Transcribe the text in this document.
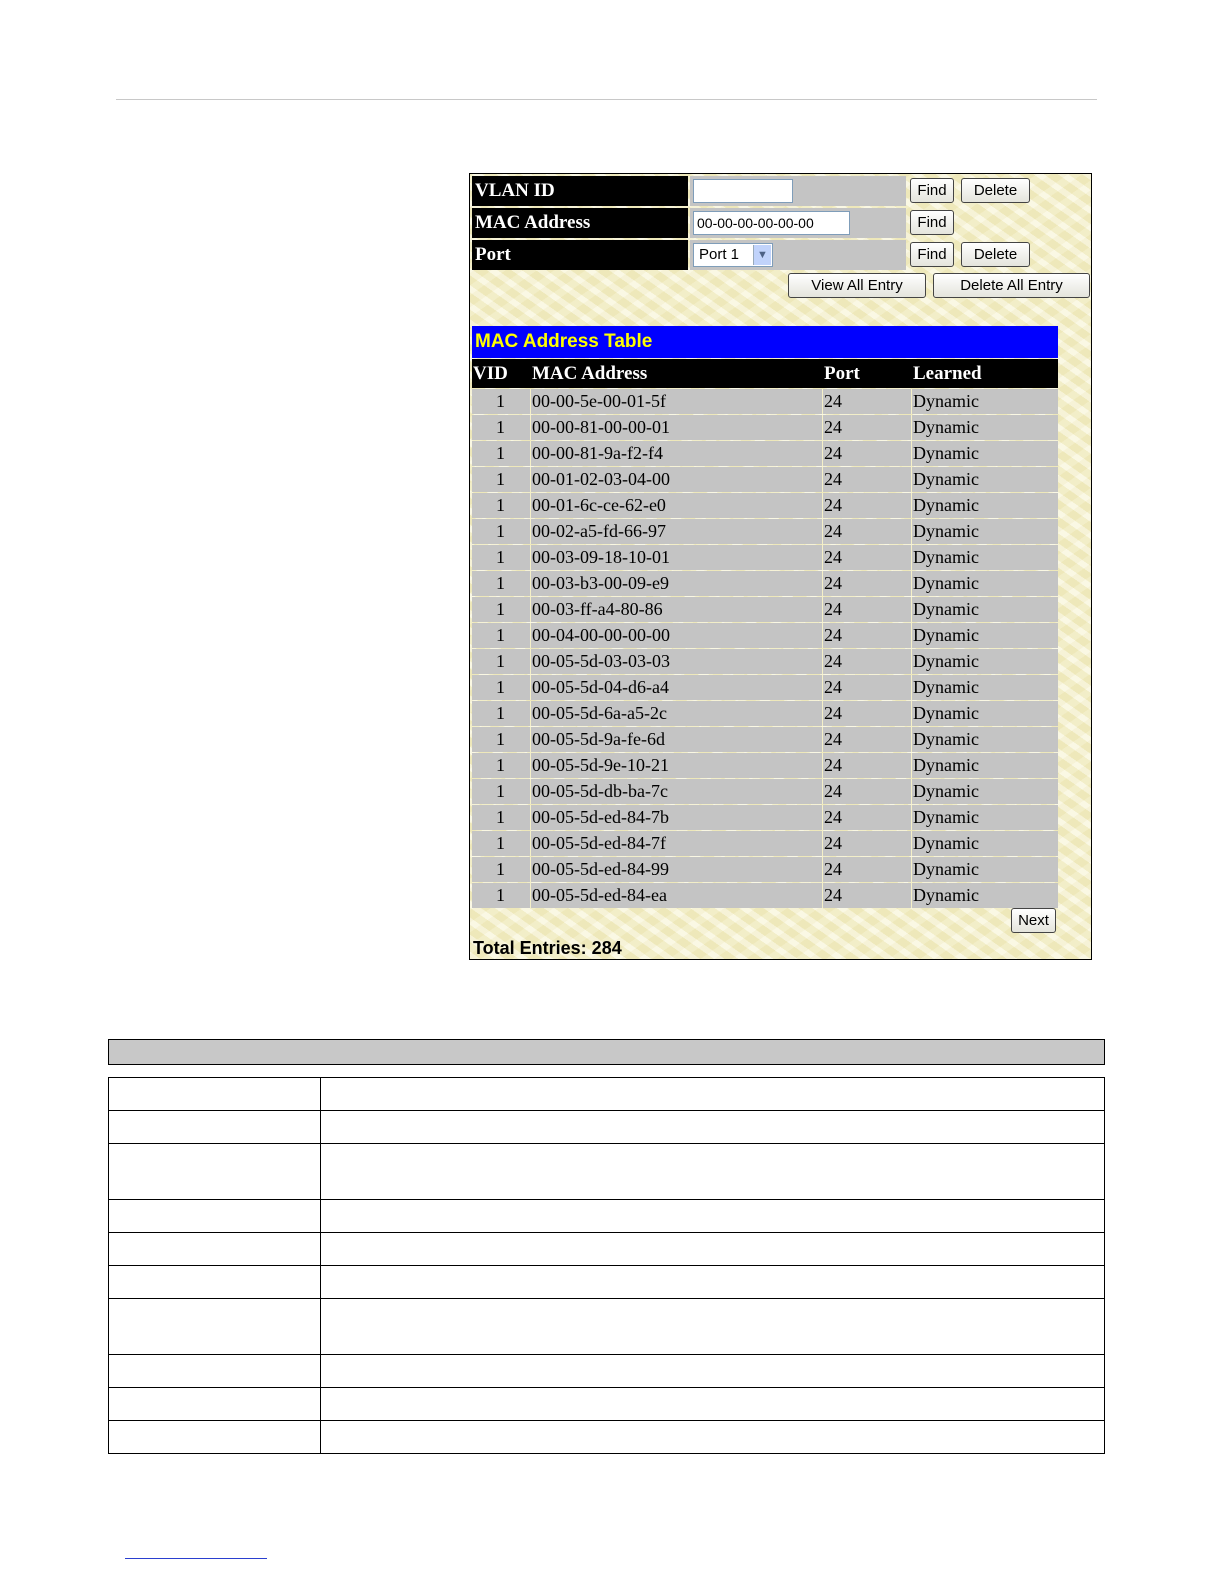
VLAN ID	Find	Delete
MAC Address	00-00-00-00-00-00	Find
Port	Port 1	▼	Find	Delete
View All Entry	Delete All Entry
MAC Address Table
VID MAC Address	Port	Learned
1 00-00-5e-00-01-5f	24	Dynamic
1 00-00-81-00-00-01	24	Dynamic
1 00-00-81-9a-f2-f4	24	Dynamic
1 00-01-02-03-04-00	24	Dynamic
1 00-01-6c-ce-62-e0	24	Dynamic
1 00-02-a5-fd-66-97	24	Dynamic
1 00-03-09-18-10-01	24	Dynamic
1 00-03-b3-00-09-e9	24	Dynamic
1 00-03-ff-a4-80-86	24	Dynamic
1 00-04-00-00-00-00	24	Dynamic
1 00-05-5d-03-03-03	24	Dynamic
1 00-05-5d-04-d6-a4	24	Dynamic
1 00-05-5d-6a-a5-2c	24	Dynamic
1 00-05-5d-9a-fe-6d	24	Dynamic
1 00-05-5d-9e-10-21	24	Dynamic
1 00-05-5d-db-ba-7c	24	Dynamic
1 00-05-5d-ed-84-7b	24	Dynamic
1 00-05-5d-ed-84-7f	24	Dynamic
1 00-05-5d-ed-84-99	24	Dynamic
1 00-05-5d-ed-84-ea	24	Dynamic
Next
Total Entries: 284
